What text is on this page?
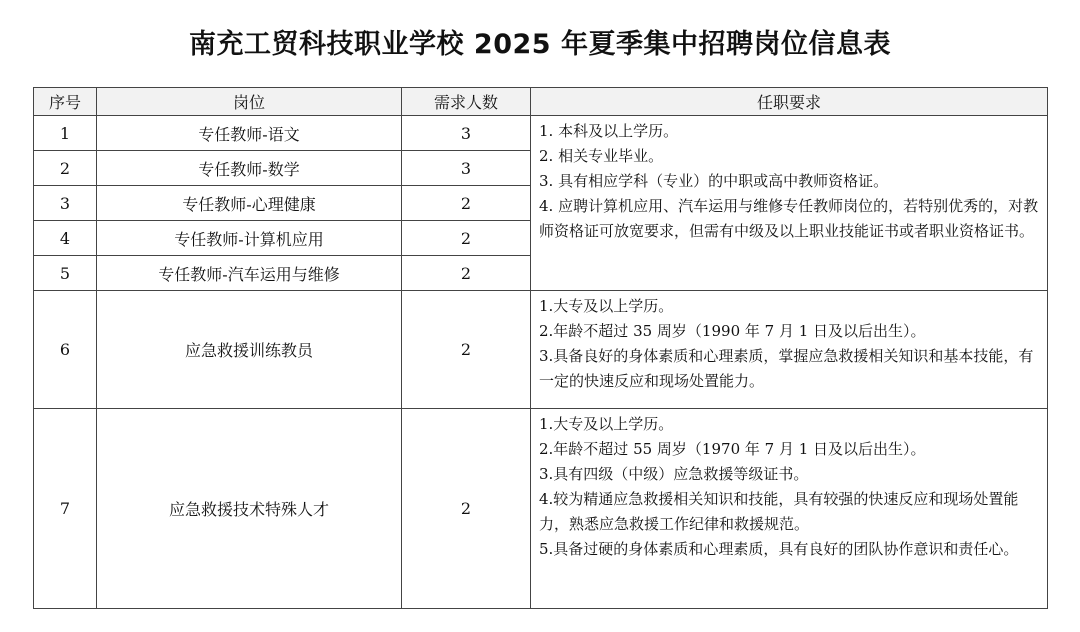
南充工贸科技职业学校 2025 年夏季集中招聘岗位信息表
序号	岗位	需求人数	任职要求
1	专任教师-语文	3	1. 本科及以上学历。
2. 相关专业毕业。
3. 具有相应学科（专业）的中职或高中教师资格证。
4. 应聘计算机应用、汽车运用与维修专任教师岗位的，若特别优秀的，对教师资格证可放宽要求，但需有中级及以上职业技能证书或者职业资格证书。

2	专任教师-数学	3	
3	专任教师-心理健康	2	
4	专任教师-计算机应用	2	
5	专任教师-汽车运用与维修	2	
6	应急救援训练教员	2	1.大专及以上学历。
2.年龄不超过 35 周岁（1990 年 7 月 1 日及以后出生）。
3.具备良好的身体素质和心理素质，掌握应急救援相关知识和基本技能，有一定的快速反应和现场处置能力。

7	应急救援技术特殊人才	2	1.大专及以上学历。
2.年龄不超过 55 周岁（1970 年 7 月 1 日及以后出生）。
3.具有四级（中级）应急救援等级证书。
4.较为精通应急救援相关知识和技能，具有较强的快速反应和现场处置能力，熟悉应急救援工作纪律和救援规范。
5.具备过硬的身体素质和心理素质，具有良好的团队协作意识和责任心。
